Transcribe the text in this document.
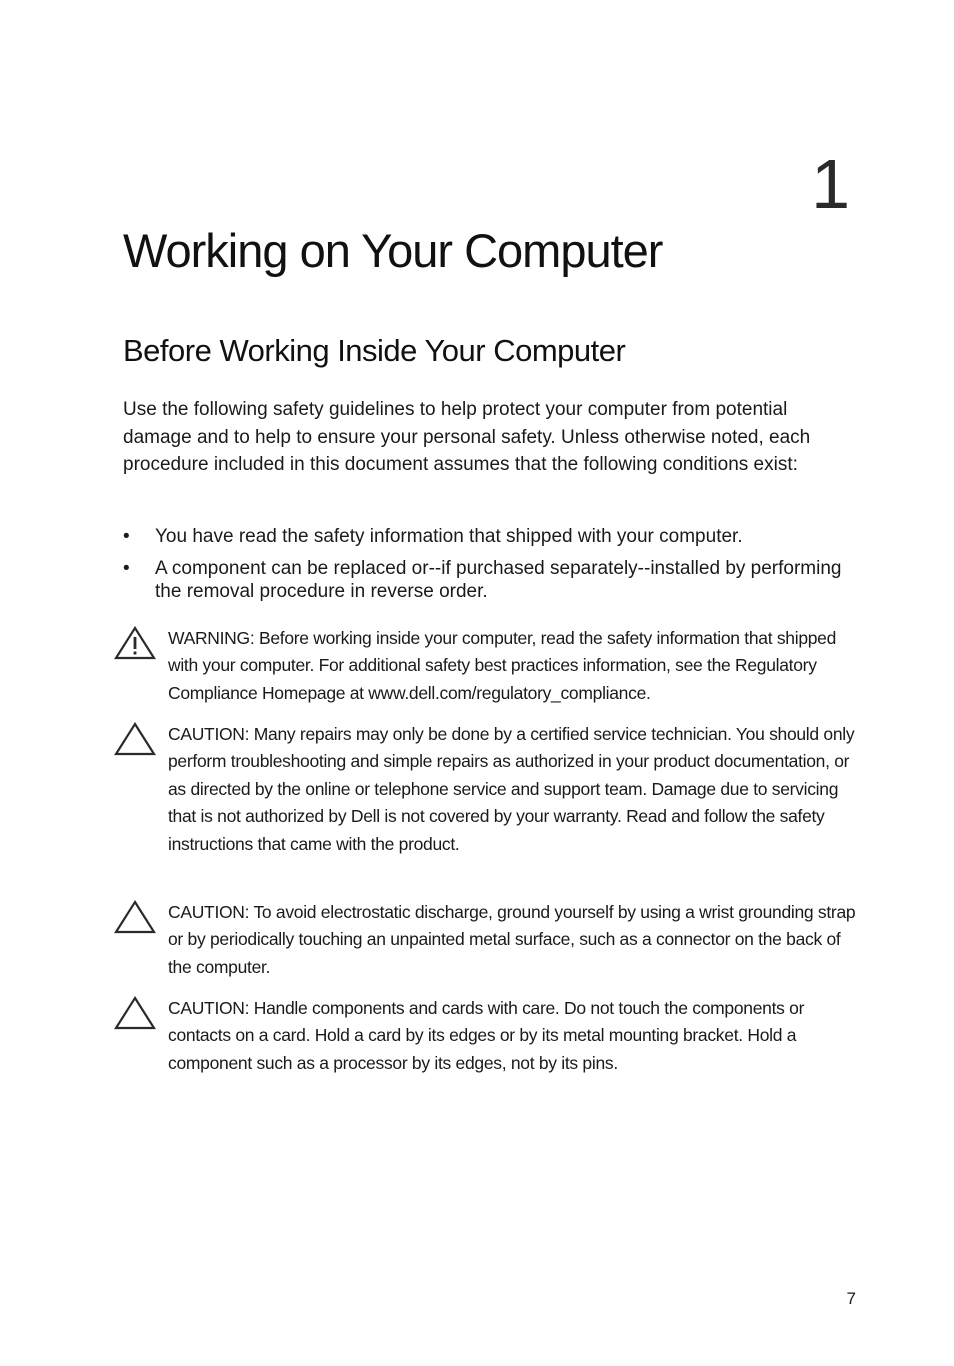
1
Working on Your Computer
Before Working Inside Your Computer

Use the following safety guidelines to help protect your computer from potential damage and to help to ensure your personal safety. Unless otherwise noted, each procedure included in this document assumes that the following conditions exist:

•	You have read the safety information that shipped with your computer.
•	A component can be replaced or--if purchased separately--installed by performing the removal procedure in reverse order.

WARNING: Before working inside your computer, read the safety information that shipped with your computer. For additional safety best practices information, see the Regulatory Compliance Homepage at www.dell.com/regulatory_compliance.

CAUTION: Many repairs may only be done by a certified service technician. You should only perform troubleshooting and simple repairs as authorized in your product documentation, or as directed by the online or telephone service and support team. Damage due to servicing that is not authorized by Dell is not covered by your warranty. Read and follow the safety instructions that came with the product.

CAUTION: To avoid electrostatic discharge, ground yourself by using a wrist grounding strap or by periodically touching an unpainted metal surface, such as a connector on the back of the computer.

CAUTION: Handle components and cards with care. Do not touch the components or contacts on a card. Hold a card by its edges or by its metal mounting bracket. Hold a component such as a processor by its edges, not by its pins.

7
